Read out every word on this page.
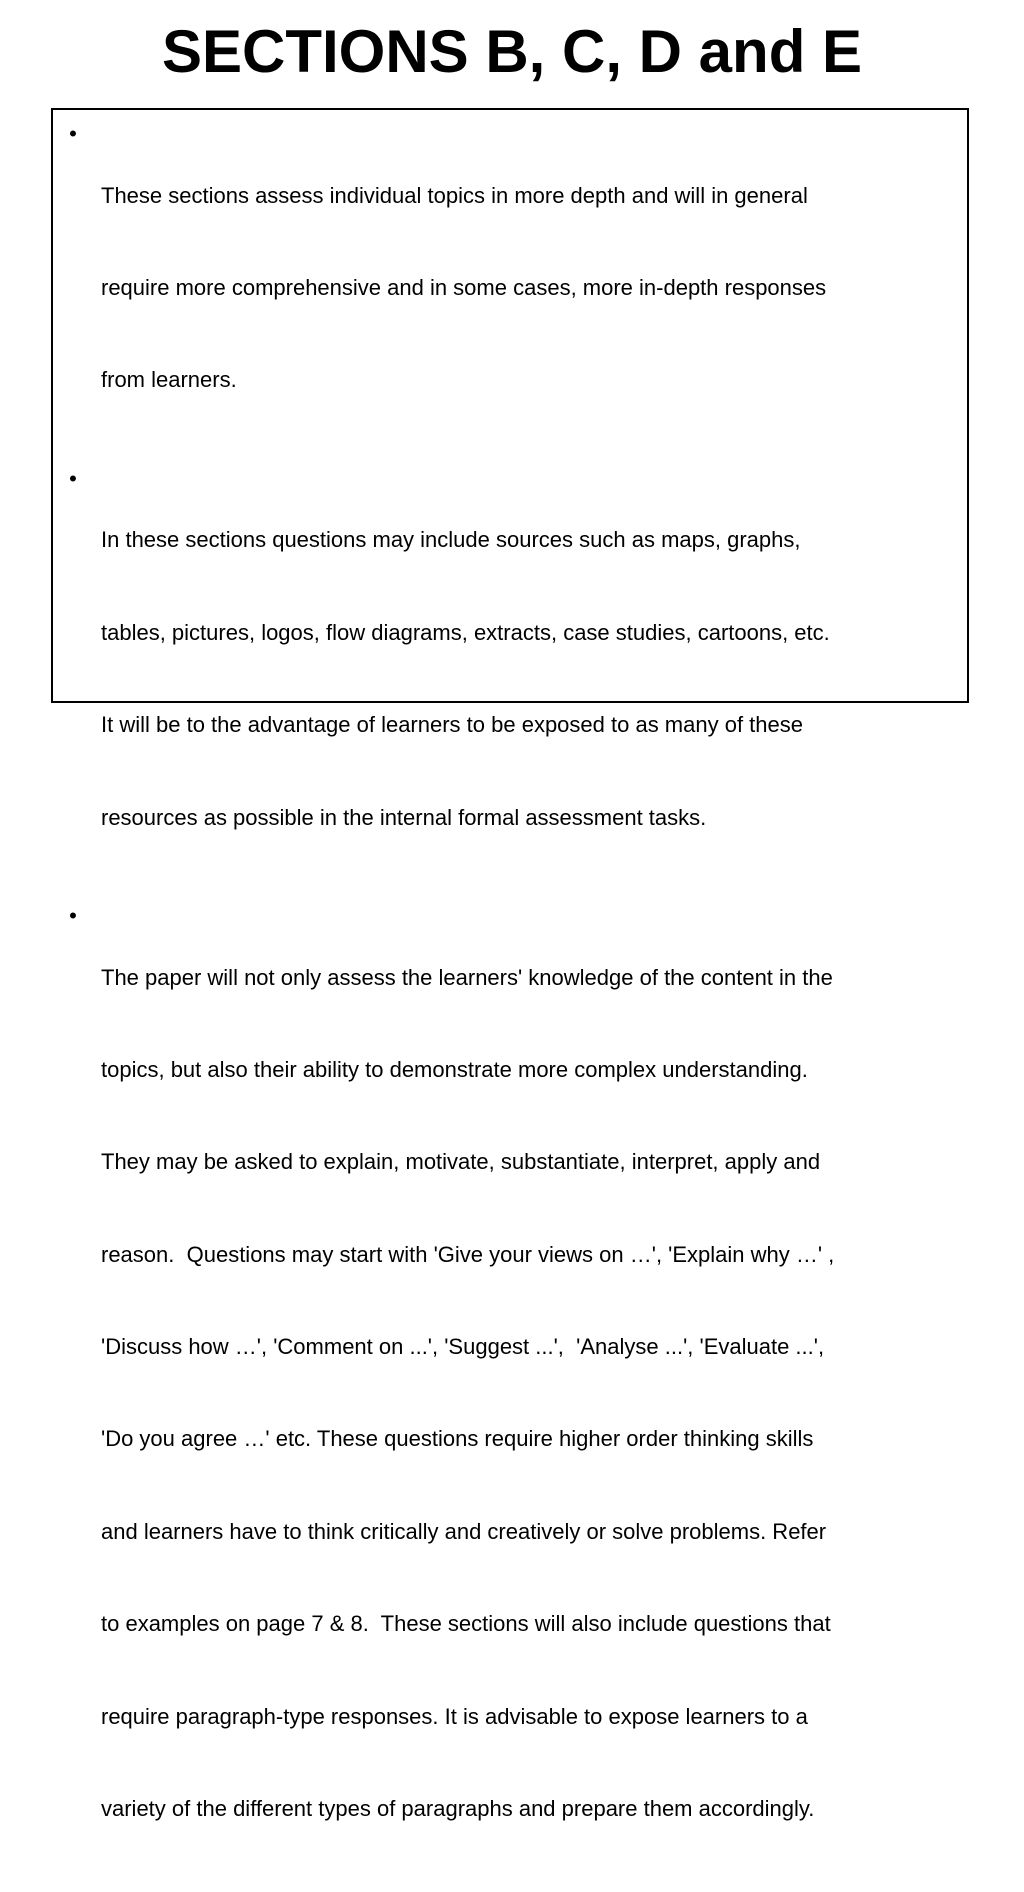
SECTIONS B, C, D and E
•

These sections assess individual topics in more depth and will in general

require more comprehensive and in some cases, more in-depth responses

from learners.

•

In these sections questions may include sources such as maps, graphs,

tables, pictures, logos, flow diagrams, extracts, case studies, cartoons, etc.

It will be to the advantage of learners to be exposed to as many of these

resources as possible in the internal formal assessment tasks.

•

The paper will not only assess the learners' knowledge of the content in the

topics, but also their ability to demonstrate more complex understanding.

They may be asked to explain, motivate, substantiate, interpret, apply and

reason.  Questions may start with 'Give your views on …', 'Explain why …' ,

'Discuss how …', 'Comment on ...', 'Suggest ...',  'Analyse ...', 'Evaluate ...',

'Do you agree …' etc. These questions require higher order thinking skills

and learners have to think critically and creatively or solve problems. Refer

to examples on page 7 & 8.  These sections will also include questions that

require paragraph-type responses. It is advisable to expose learners to a

variety of the different types of paragraphs and prepare them accordingly.
